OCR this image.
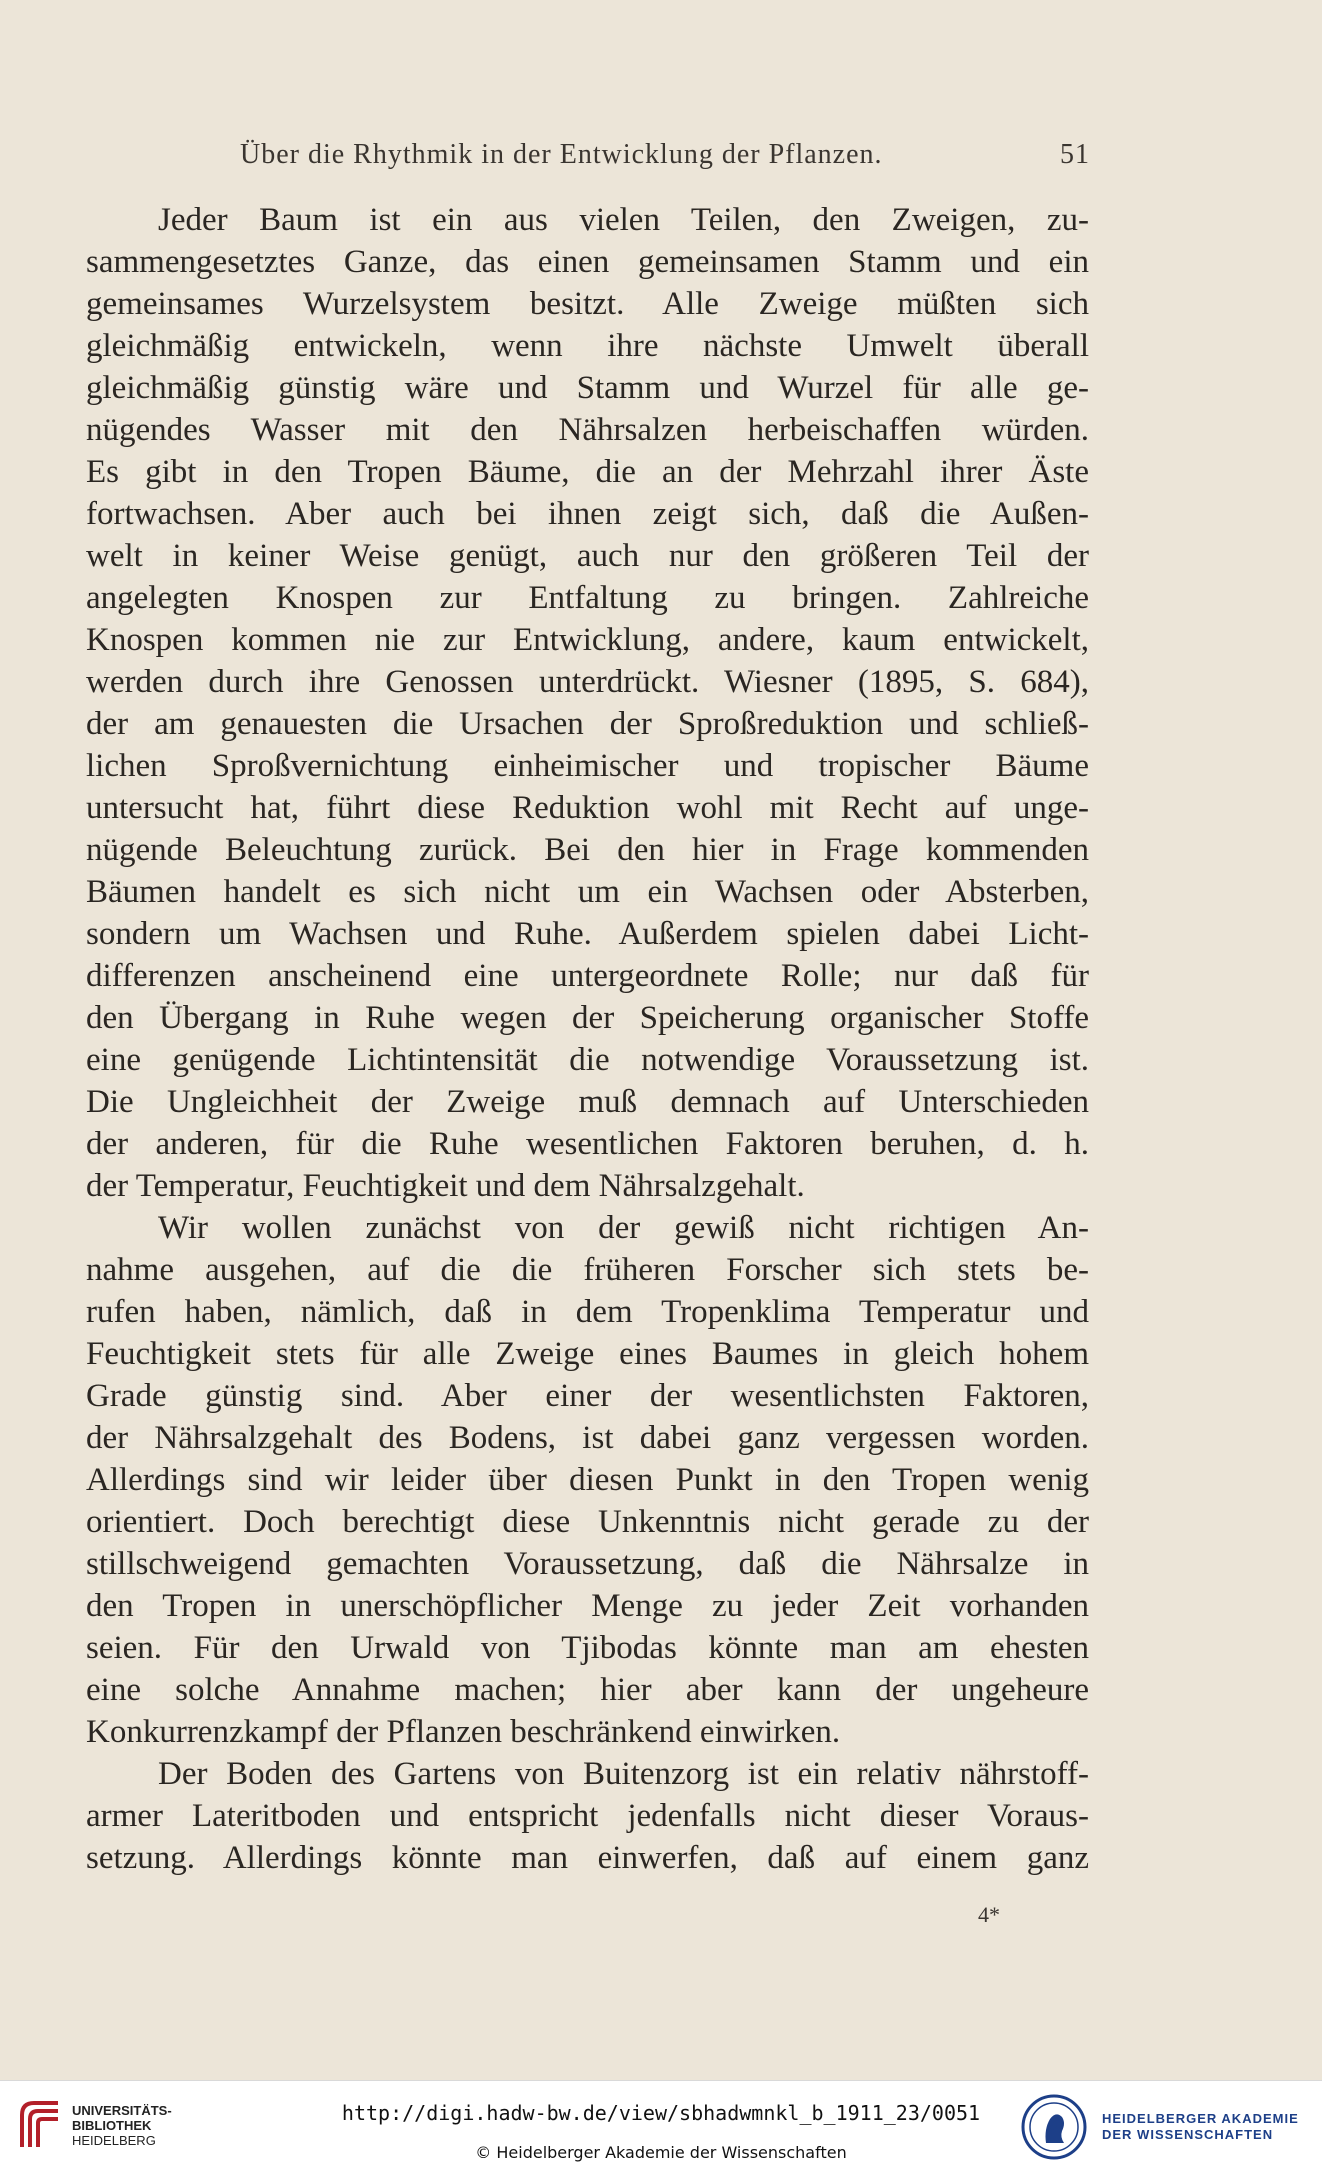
Über die Rhythmik in der Entwicklung der Pflanzen.	51
Jeder Baum ist ein aus vielen Teilen, den Zweigen, zu-
sammengesetztes Ganze, das einen gemeinsamen Stamm und ein
gemeinsames Wurzelsystem besitzt. Alle Zweige müßten sich
gleichmäßig entwickeln, wenn ihre nächste Umwelt überall
gleichmäßig günstig wäre und Stamm und Wurzel für alle ge-
nügendes Wasser mit den Nährsalzen herbeischaffen würden.
Es gibt in den Tropen Bäume, die an der Mehrzahl ihrer Äste
fortwachsen. Aber auch bei ihnen zeigt sich, daß die Außen-
welt in keiner Weise genügt, auch nur den größeren Teil der
angelegten Knospen zur Entfaltung zu bringen. Zahlreiche
Knospen kommen nie zur Entwicklung, andere, kaum entwickelt,
werden durch ihre Genossen unterdrückt. Wiesner (1895, S. 684),
der am genauesten die Ursachen der Sproßreduktion und schließ-
lichen Sproßvernichtung einheimischer und tropischer Bäume
untersucht hat, führt diese Reduktion wohl mit Recht auf unge-
nügende Beleuchtung zurück. Bei den hier in Frage kommenden
Bäumen handelt es sich nicht um ein Wachsen oder Absterben,
sondern um Wachsen und Ruhe. Außerdem spielen dabei Licht-
differenzen anscheinend eine untergeordnete Rolle; nur daß für
den Übergang in Ruhe wegen der Speicherung organischer Stoffe
eine genügende Lichtintensität die notwendige Voraussetzung ist.
Die Ungleichheit der Zweige muß demnach auf Unterschieden
der anderen, für die Ruhe wesentlichen Faktoren beruhen, d. h.
der Temperatur, Feuchtigkeit und dem Nährsalzgehalt.
Wir wollen zunächst von der gewiß nicht richtigen An-
nahme ausgehen, auf die die früheren Forscher sich stets be-
rufen haben, nämlich, daß in dem Tropenklima Temperatur und
Feuchtigkeit stets für alle Zweige eines Baumes in gleich hohem
Grade günstig sind. Aber einer der wesentlichsten Faktoren,
der Nährsalzgehalt des Bodens, ist dabei ganz vergessen worden.
Allerdings sind wir leider über diesen Punkt in den Tropen wenig
orientiert. Doch berechtigt diese Unkenntnis nicht gerade zu der
stillschweigend gemachten Voraussetzung, daß die Nährsalze in
den Tropen in unerschöpflicher Menge zu jeder Zeit vorhanden
seien. Für den Urwald von Tjibodas könnte man am ehesten
eine solche Annahme machen; hier aber kann der ungeheure
Konkurrenzkampf der Pflanzen beschränkend einwirken.
Der Boden des Gartens von Buitenzorg ist ein relativ nährstoff-
armer Lateritboden und entspricht jedenfalls nicht dieser Voraus-
setzung. Allerdings könnte man einwerfen, daß auf einem ganz
4*
UNIVERSITÄTS-
BIBLIOTHEK
HEIDELBERG
http://digi.hadw-bw.de/view/sbhadwmnkl_b_1911_23/0051
© Heidelberger Akademie der Wissenschaften
HEIDELBERGER AKADEMIE
DER WISSENSCHAFTEN
